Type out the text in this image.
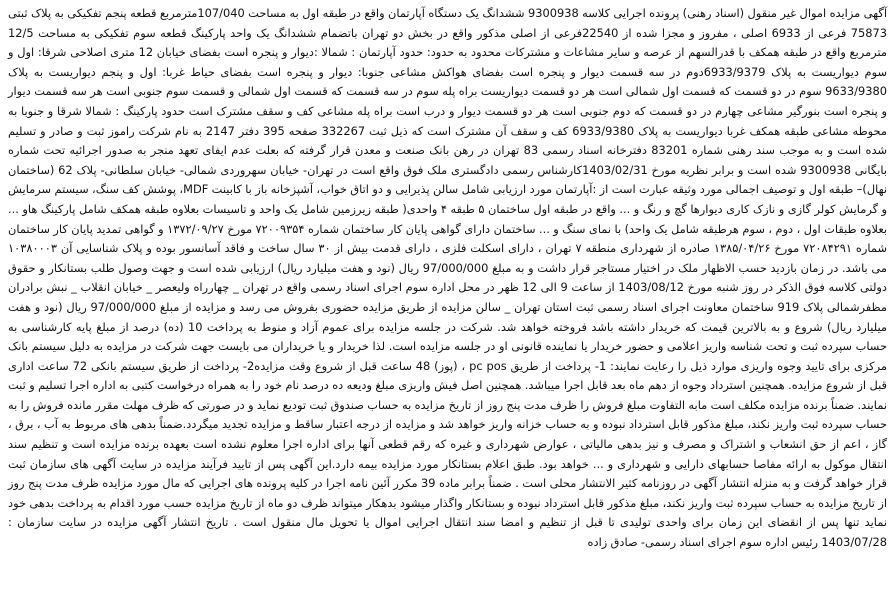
آگهی مزایده اموال غیر منقول (اسناد رهنی) پرونده اجرایی کلاسه 9300938 ششدانگ یک دستگاه آپارتمان واقع در طبقه اول به مساحت 107/040مترمربع قطعه پنجم تفکیکی به پلاک ثبتی 75873 فرعی از 6933 اصلی ، مفروز و مجزا شده از 22540فرعی از اصلی مذکور واقع در بخش دو تهران باتضمام ششدانگ یک واحد پارکینگ قطعه سوم تفکیکی به مساحت 12/5 مترمربع واقع در طبقه همکف با قدرالسهم از عرصه و سایر مشاعات و مشترکات محدود به حدود: حدود آپارتمان : شمالا :دیوار و پنجره است بفضای خیابان 12 متری اصلاحی شرقا: اول و سوم دیواریست به پلاک 6933/9379دوم در سه قسمت دیوار و پنجره است بفضای هواکش مشاعی جنوبا: دیوار و پنجره است بفضای حیاط غربا: اول و پنجم دیواریست به پلاک 9633/9380 سوم در دو قسمت که قسمت اول شمالی است هر دو قسمت دیواریست براه پله سوم در سه قسمت که قسمت اول شمالی و قسمت سوم جنوبی است هر سه قسمت دیوار و پنجره است بنورگیر مشاعی چهارم در دو قسمت که دوم جنوبی است هر دو قسمت دیوار و درب است براه پله مشاعی کف و سقف مشترک است حدود پارکینگ : شمالا شرقا و جنوبا به محوطه مشاعی طبقه همکف غربا دیواریست به پلاک 6933/9380 کف و سقف آن مشترک است که ذیل ثبت 332267 صفحه 395 دفتر 2147 به نام شرکت راموز ثبت و صادر و تسلیم شده است و به موجب سند رهنی شماره 83201 دفترخانه اسناد رسمی 83 تهران در رهن بانک صنعت و معدن قرار گرفته که بعلت عدم ایفای تعهد منجر به صدور اجرائیه تحت شماره بایگانی 9300938 شده است و برابر نظریه مورخ 1403/02/31کارشناس رسمی دادگستری ملک فوق واقع است در تهران- خیابان سهروردی شمالی- خیابان سلطانی- پلاک 62 (ساختمان نهال)– طبقه اول و توصیف اجمالی مورد وثیقه عبارت است از :آپارتمان مورد ارزیابی شامل سالن پذیرایی و دو اتاق خواب، آشپزخانه باز با کابینت MDF، پوشش کف سنگ، سیستم سرمایش و گرمایش کولر گازی و نازک کاری دیوارها گچ و رنگ و ... واقع در طبقه اول ساختمان ۵ طبقه ۴ واحدی( طبقه زیرزمین شامل یک واحد و تاسیسات بعلاوه طبقه همکف شامل پارکینگ هاو ... بعلاوه طبقات اول ، دوم ، سوم هرطبقه شامل یک واحد) با نمای سنگ و ... ساختمان دارای گواهی پایان کار ساختمان شماره ۷۲۰۰۹۳۵۴ مورخ ۱۳۷۲/۰۹/۲۷ و گواهی تمدید پایان کار ساختمان شماره ۷۲۰۸۴۲۹۱ مورخ ۱۳۸۵/۰۴/۲۶ صادره از شهرداری منطقه ۷ تهران ، دارای اسکلت فلزی ، دارای قدمت بیش از ۳۰ سال ساخت و فاقد آسانسور بوده و پلاک شناسایی آن ۱۰۳۸۰۰۰۳ می باشد. در زمان بازدید حسب الاظهار ملک در اختیار مستاجر قرار داشت و به مبلغ 97/000/000 ریال (نود و هفت میلیارد ریال) ارزیابی شده است و جهت وصول طلب بستانکار و حقوق دولتی کلاسه فوق الذکر در روز شنبه مورخ 1403/08/12 از ساعت 9 الی 12 ظهر در محل اداره سوم اجرای اسناد رسمی واقع در تهران _ چهارراه ولیعصر _ خیابان انقلاب _ نبش برادران مظفرشمالی پلاک 919 ساختمان معاونت اجرای اسناد رسمی ثبت استان تهران _ سالن مزایده از طریق مزایده حضوری بفروش می رسد و مزایده از مبلغ 97/000/000 ریال (نود و هفت میلیارد ریال) شروع و به بالاترین قیمت که خریدار داشته باشد فروخته خواهد شد. شرکت در جلسه مزایده برای عموم آزاد و منوط به پرداخت 10 (ده) درصد از مبلغ پایه کارشناسی به حساب سپرده ثبت و تحت شناسه واریز اعلامی و حضور خریدار یا نماینده قانونی او در جلسه مزایده است. لذا خریدار و یا خریداران می بایست جهت شرکت در مزایده به دلیل سیستم بانک مرکزی برای تایید وجوه واریزی موارد ذیل را رعایت نمایند: 1- پرداخت از طریق pc pos ، (پوز) 48 ساعت قبل از شروع وقت مزایده2- پرداخت از طریق سیستم بانکی 72 ساعت اداری قبل از شروع مزایده. همچنین استرداد وجوه از دهم ماه بعد قابل اجرا میباشد. همچنین اصل فیش واریزی مبلغ ودیعه ده درصد نام خود را به همراه درخواست کتبی به اداره اجرا تسلیم و ثبت نمایند. ضمناً برنده مزایده مکلف است مابه التفاوت مبلغ فروش را ظرف مدت پنج روز از تاریخ مزایده به حساب صندوق ثبت تودیع نماید و در صورتی که ظرف مهلت مقرر مانده فروش را به حساب سپرده ثبت واریز نکند، مبلغ مذکور قابل استرداد نبوده و به حساب خزانه واریز خواهد شد و مزایده از درجه اعتبار ساقط و مزایده تجدید میگردد.ضمناً بدهی های مربوط به آب ، برق ، گاز ، اعم از حق انشعاب و اشتراک و مصرف و نیز بدهی مالیاتی ، عوارض شهرداری و غیره که رقم قطعی آنها برای اداره اجرا معلوم نشده است بعهده برنده مزایده است و تنظیم سند انتقال موکول به ارائه مفاصا حسابهای دارایی و شهرداری و ... خواهد بود. طبق اعلام بستانکار مورد مزایده بیمه دارد.این آگهی پس از تایید فرآیند مزایده در سایت آگهی های سازمان ثبت قرار خواهد گرفت و به منزله انتشار آگهی در روزنامه کثیر الانتشار محلی است . ضمناً برابر ماده 39 مکرر آئین نامه اجرا در کلیه پرونده های اجرایی که مال مورد مزایده ظرف مدت پنج روز از تاریخ مزایده به حساب سپرده ثبت واریز نکند، مبلغ مذکور قابل استرداد نبوده و بستانکار واگذار میشود بدهکار میتواند ظرف دو ماه از تاریخ مزایده حسب مورد اقدام به پرداخت بدهی خود نماید تنها پس از انقضای این زمان برای واحدی تولیدی تا قبل از تنظیم و امضا سند انتقال اجرایی اموال یا تحویل مال منقول است . تاریخ انتشار آگهی مزایده در سایت سازمان : 1403/07/28 رئیس اداره سوم اجرای اسناد رسمی- صادق زاده
